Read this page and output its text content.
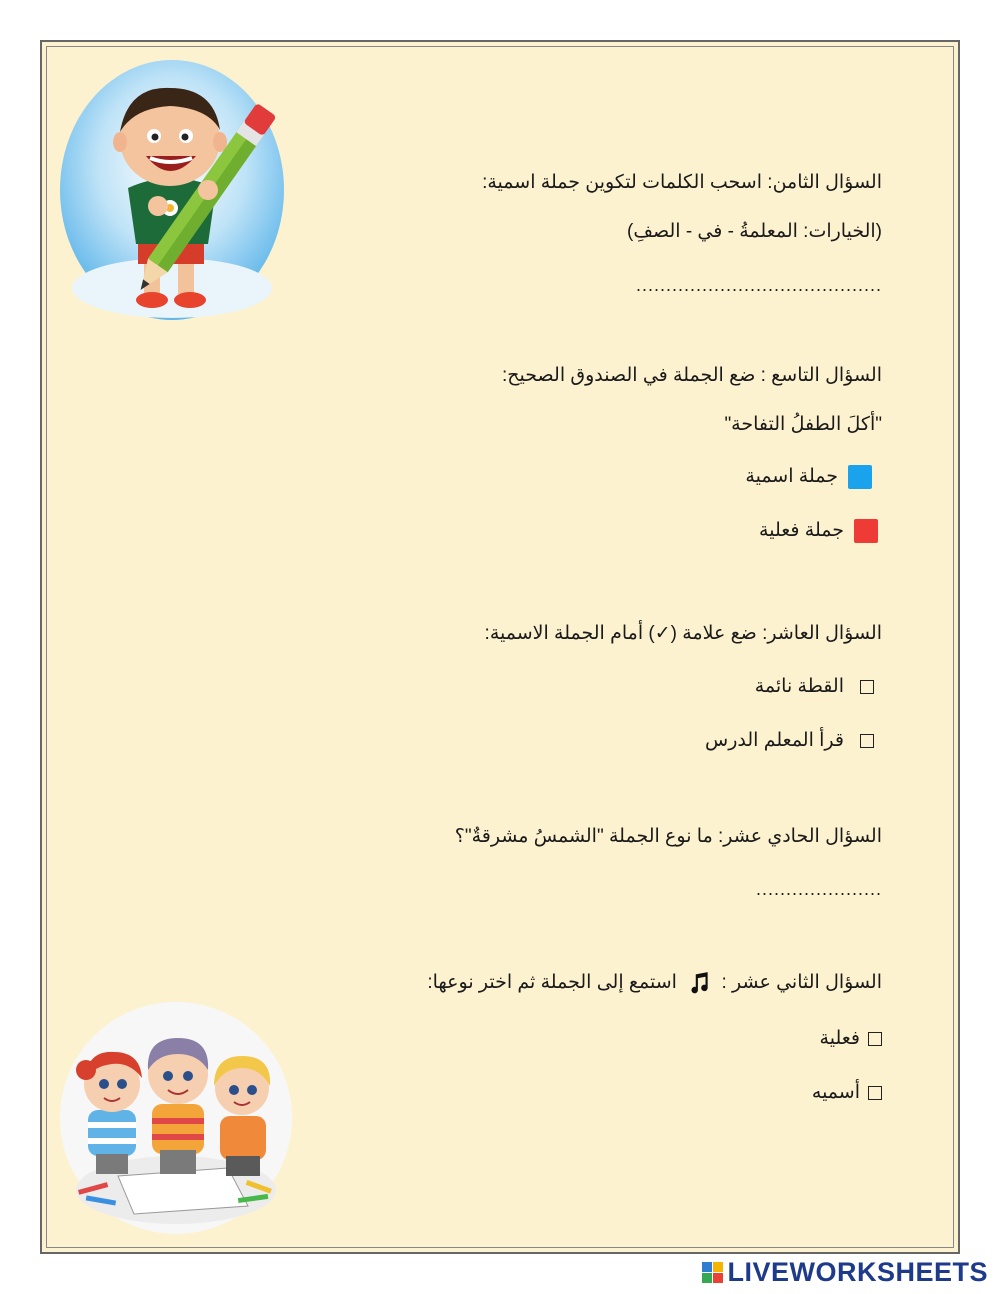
السؤال الثامن: اسحب الكلمات لتكوين جملة اسمية:
(الخيارات: المعلمةُ - في - الصفِ)
.........................................
السؤال التاسع : ضع الجملة في الصندوق الصحيح:
"أكلَ الطفلُ التفاحة"
جملة اسمية
جملة فعلية
السؤال العاشر: ضع علامة (✓) أمام الجملة الاسمية:
القطة نائمة
قرأ المعلم الدرس
السؤال الحادي عشر: ما نوع الجملة "الشمسُ مشرقةٌ"؟
.....................
السؤال الثاني عشر :  استمع إلى الجملة ثم اختر نوعها:
فعلية
أسميه
LIVEWORKSHEETS
